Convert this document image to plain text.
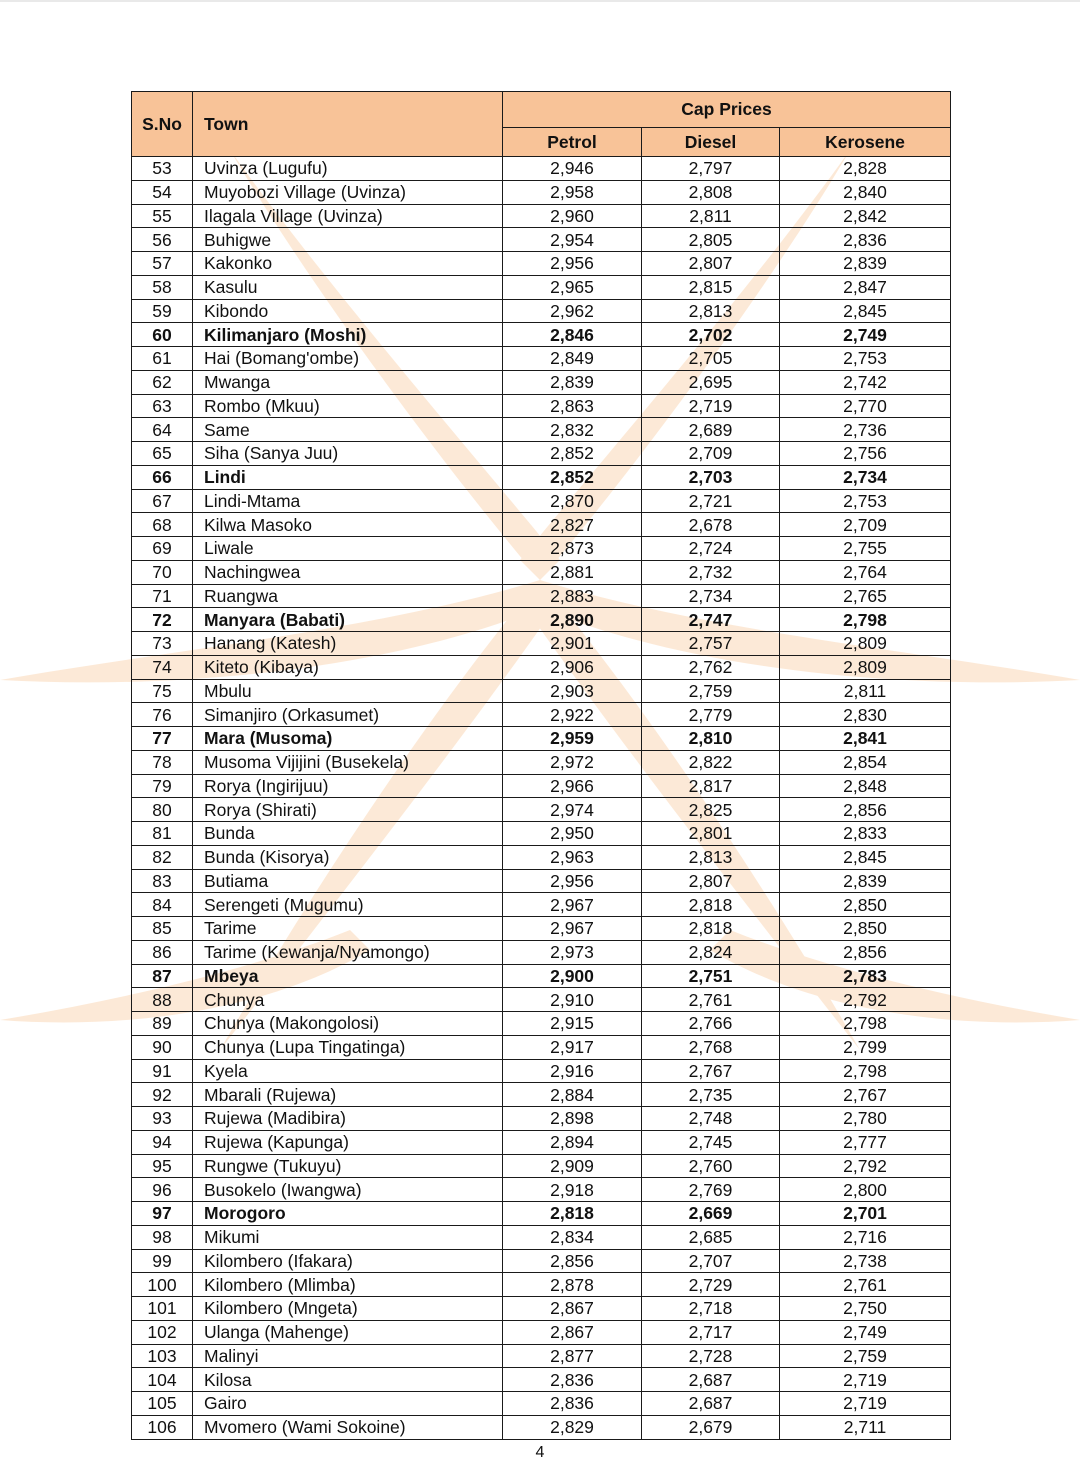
S.No	Town	Cap Prices		
		Petrol	Diesel	Kerosene
53	Uvinza (Lugufu)	2,946	2,797	2,828
54	Muyobozi Village (Uvinza)	2,958	2,808	2,840
55	Ilagala Village (Uvinza)	2,960	2,811	2,842
56	Buhigwe	2,954	2,805	2,836
57	Kakonko	2,956	2,807	2,839
58	Kasulu	2,965	2,815	2,847
59	Kibondo	2,962	2,813	2,845
60	Kilimanjaro (Moshi)	2,846	2,702	2,749
61	Hai (Bomang'ombe)	2,849	2,705	2,753
62	Mwanga	2,839	2,695	2,742
63	Rombo (Mkuu)	2,863	2,719	2,770
64	Same	2,832	2,689	2,736
65	Siha (Sanya Juu)	2,852	2,709	2,756
66	Lindi	2,852	2,703	2,734
67	Lindi-Mtama	2,870	2,721	2,753
68	Kilwa Masoko	2,827	2,678	2,709
69	Liwale	2,873	2,724	2,755
70	Nachingwea	2,881	2,732	2,764
71	Ruangwa	2,883	2,734	2,765
72	Manyara (Babati)	2,890	2,747	2,798
73	Hanang (Katesh)	2,901	2,757	2,809
74	Kiteto (Kibaya)	2,906	2,762	2,809
75	Mbulu	2,903	2,759	2,811
76	Simanjiro (Orkasumet)	2,922	2,779	2,830
77	Mara (Musoma)	2,959	2,810	2,841
78	Musoma Vijijini (Busekela)	2,972	2,822	2,854
79	Rorya (Ingirijuu)	2,966	2,817	2,848
80	Rorya (Shirati)	2,974	2,825	2,856
81	Bunda	2,950	2,801	2,833
82	Bunda (Kisorya)	2,963	2,813	2,845
83	Butiama	2,956	2,807	2,839
84	Serengeti (Mugumu)	2,967	2,818	2,850
85	Tarime	2,967	2,818	2,850
86	Tarime (Kewanja/Nyamongo)	2,973	2,824	2,856
87	Mbeya	2,900	2,751	2,783
88	Chunya	2,910	2,761	2,792
89	Chunya (Makongolosi)	2,915	2,766	2,798
90	Chunya (Lupa Tingatinga)	2,917	2,768	2,799
91	Kyela	2,916	2,767	2,798
92	Mbarali (Rujewa)	2,884	2,735	2,767
93	Rujewa (Madibira)	2,898	2,748	2,780
94	Rujewa (Kapunga)	2,894	2,745	2,777
95	Rungwe (Tukuyu)	2,909	2,760	2,792
96	Busokelo (Iwangwa)	2,918	2,769	2,800
97	Morogoro	2,818	2,669	2,701
98	Mikumi	2,834	2,685	2,716
99	Kilombero (Ifakara)	2,856	2,707	2,738
100	Kilombero (Mlimba)	2,878	2,729	2,761
101	Kilombero (Mngeta)	2,867	2,718	2,750
102	Ulanga (Mahenge)	2,867	2,717	2,749
103	Malinyi	2,877	2,728	2,759
104	Kilosa	2,836	2,687	2,719
105	Gairo	2,836	2,687	2,719
106	Mvomero (Wami Sokoine)	2,829	2,679	2,711
4
